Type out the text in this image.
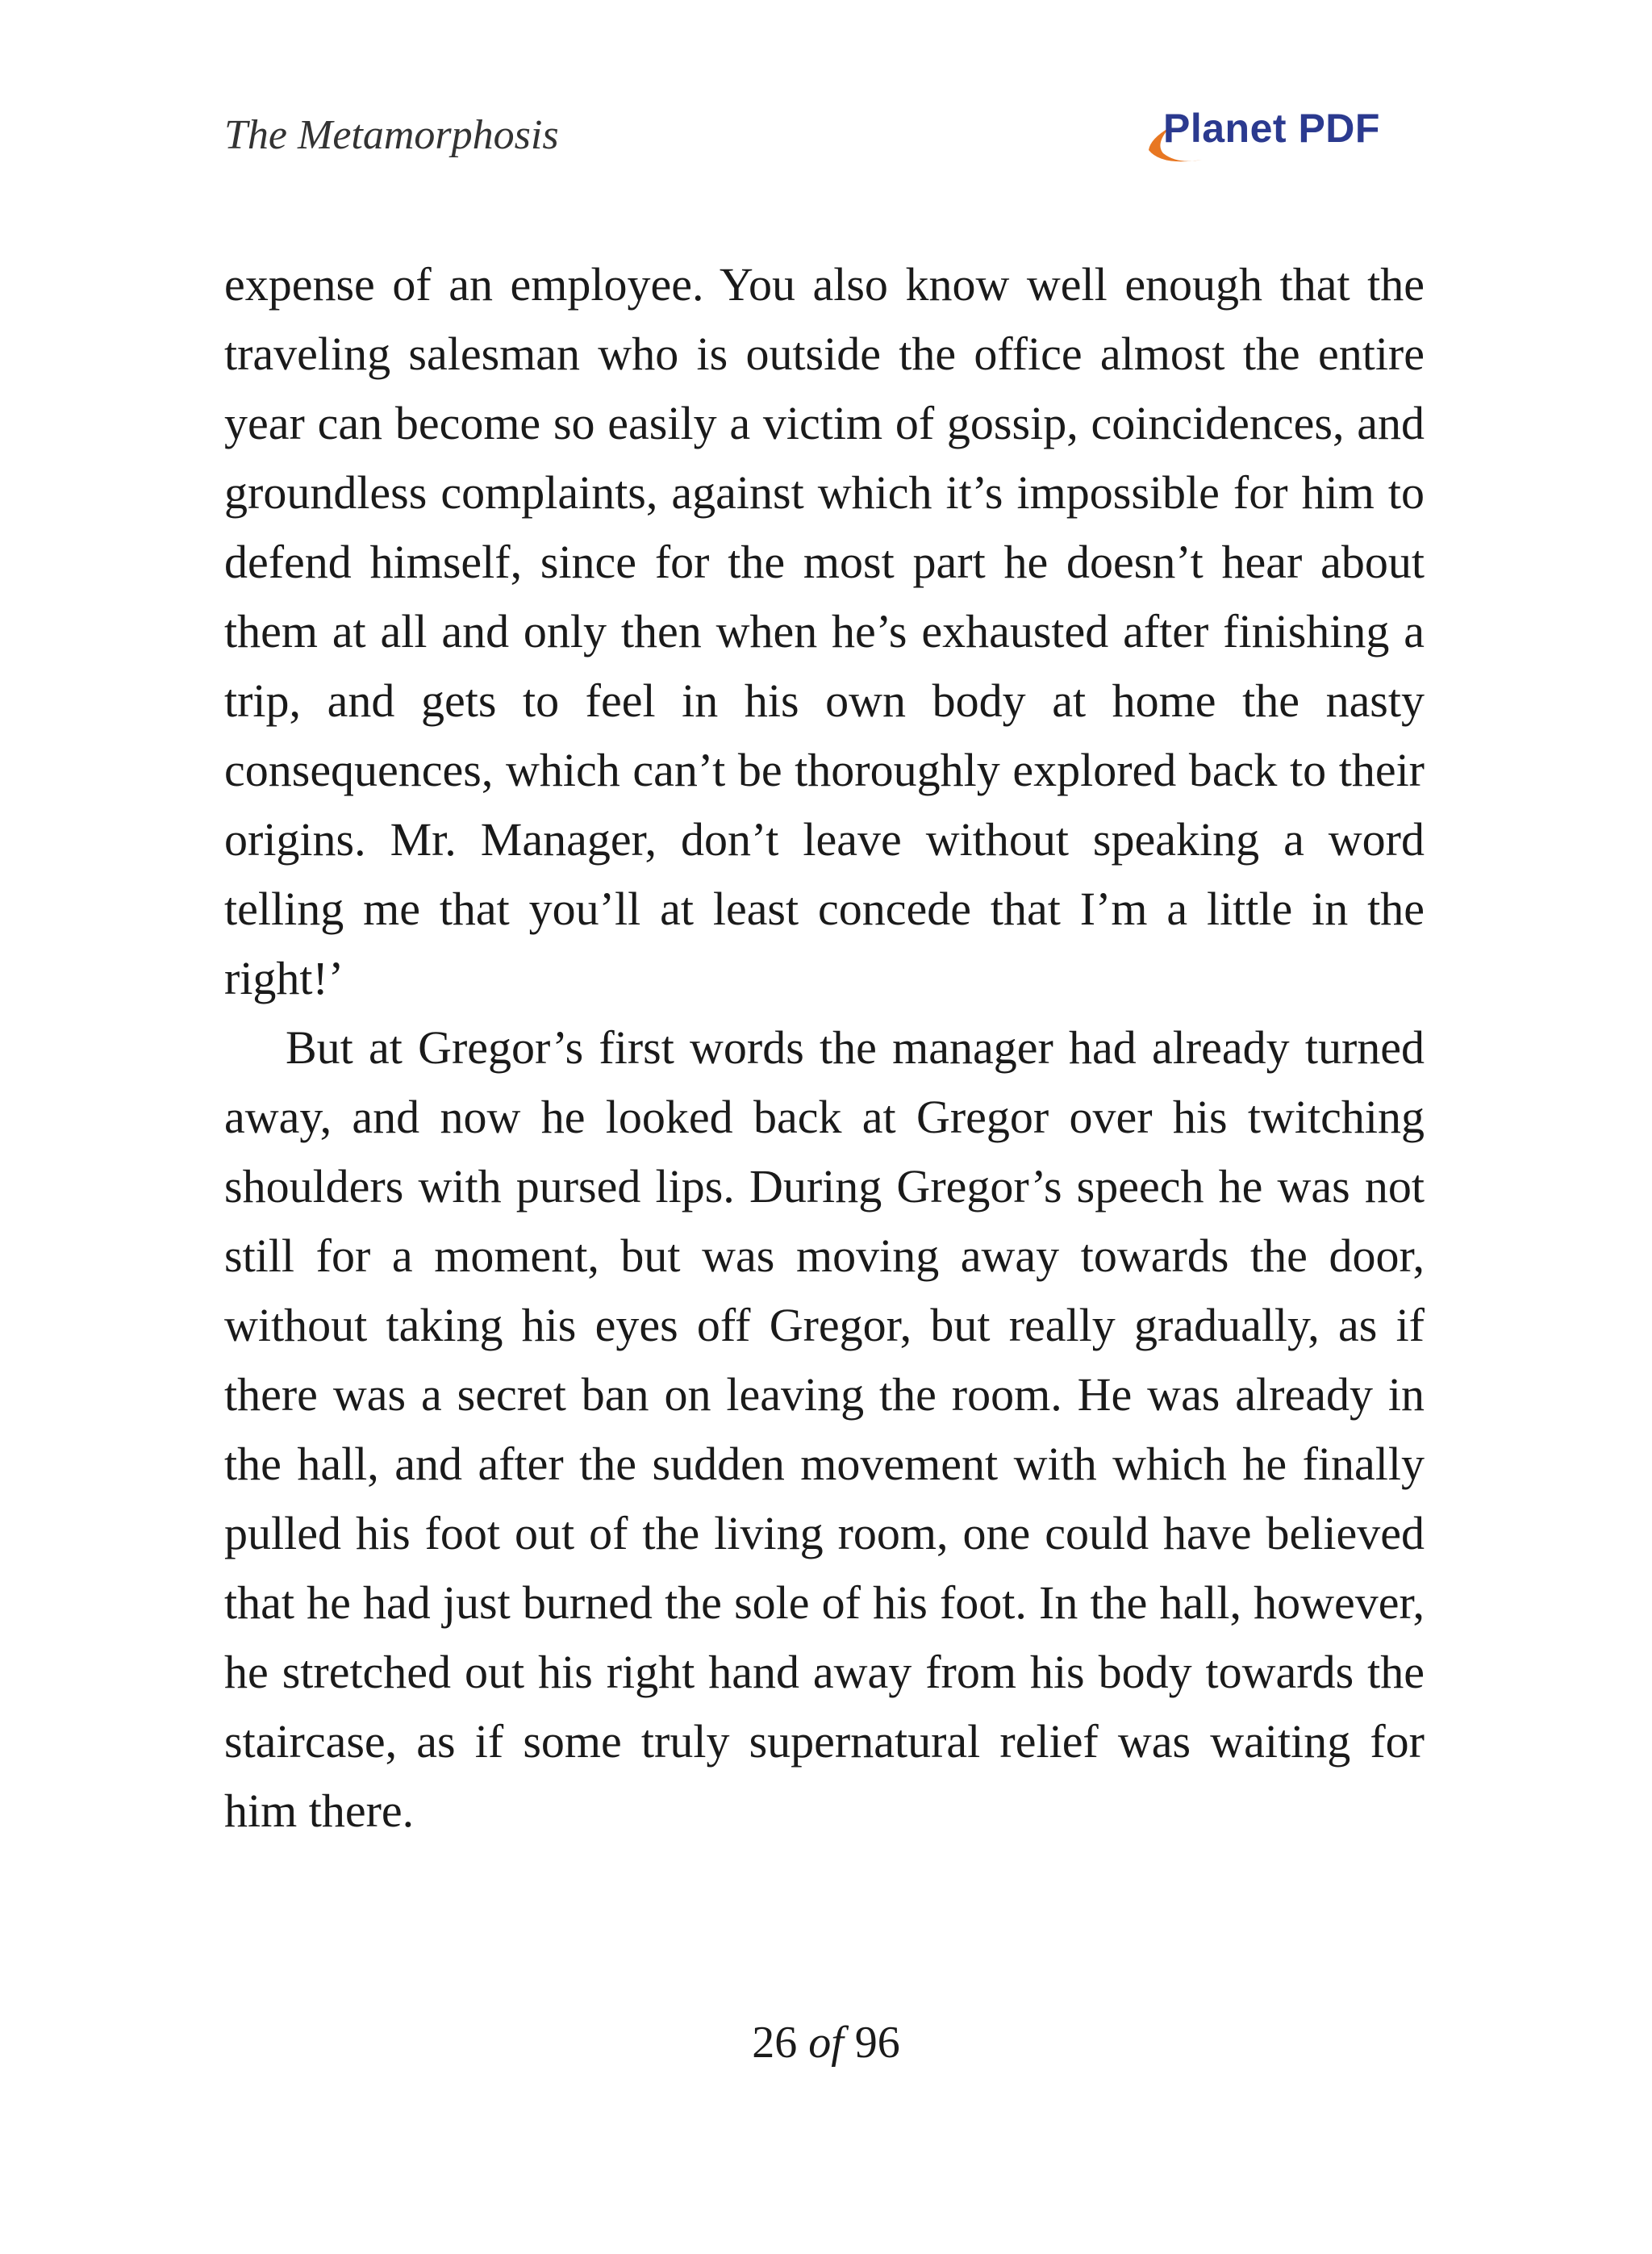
The Metamorphosis	Planet PDF

expense of an employee. You also know well enough that the traveling salesman who is outside the office almost the entire year can become so easily a victim of gossip, coincidences, and groundless complaints, against which it’s impossible for him to defend himself, since for the most part he doesn’t hear about them at all and only then when he’s exhausted after finishing a trip, and gets to feel in his own body at home the nasty consequences, which can’t be thoroughly explored back to their origins. Mr. Manager, don’t leave without speaking a word telling me that you’ll at least concede that I’m a little in the right!’

But at Gregor’s first words the manager had already turned away, and now he looked back at Gregor over his twitching shoulders with pursed lips. During Gregor’s speech he was not still for a moment, but was moving away towards the door, without taking his eyes off Gregor, but really gradually, as if there was a secret ban on leaving the room. He was already in the hall, and after the sudden movement with which he finally pulled his foot out of the living room, one could have believed that he had just burned the sole of his foot. In the hall, however, he stretched out his right hand away from his body towards the staircase, as if some truly supernatural relief was waiting for him there.

26 of 96
